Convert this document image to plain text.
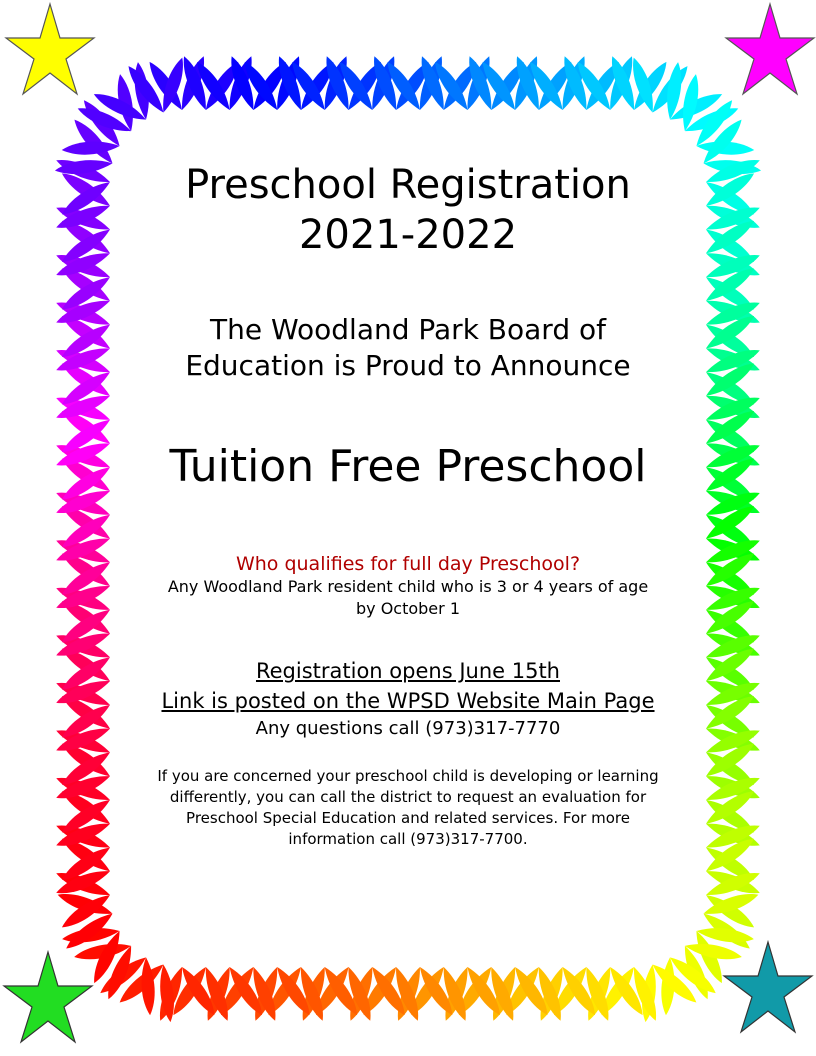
Preschool Registration

2021-2022

The Woodland Park Board of
Education is Proud to Announce

Tuition Free Preschool

Who qualifies for full day Preschool?

Any Woodland Park resident child who is 3 or 4 years of age

by October 1

Registration opens June 15th

Link is posted on the WPSD Website Main Page

Any questions call (973)317-7770

If you are concerned your preschool child is developing or learning differently, you can call the district to request an evaluation for Preschool Special Education and related services. For more information call (973)317-7700.
